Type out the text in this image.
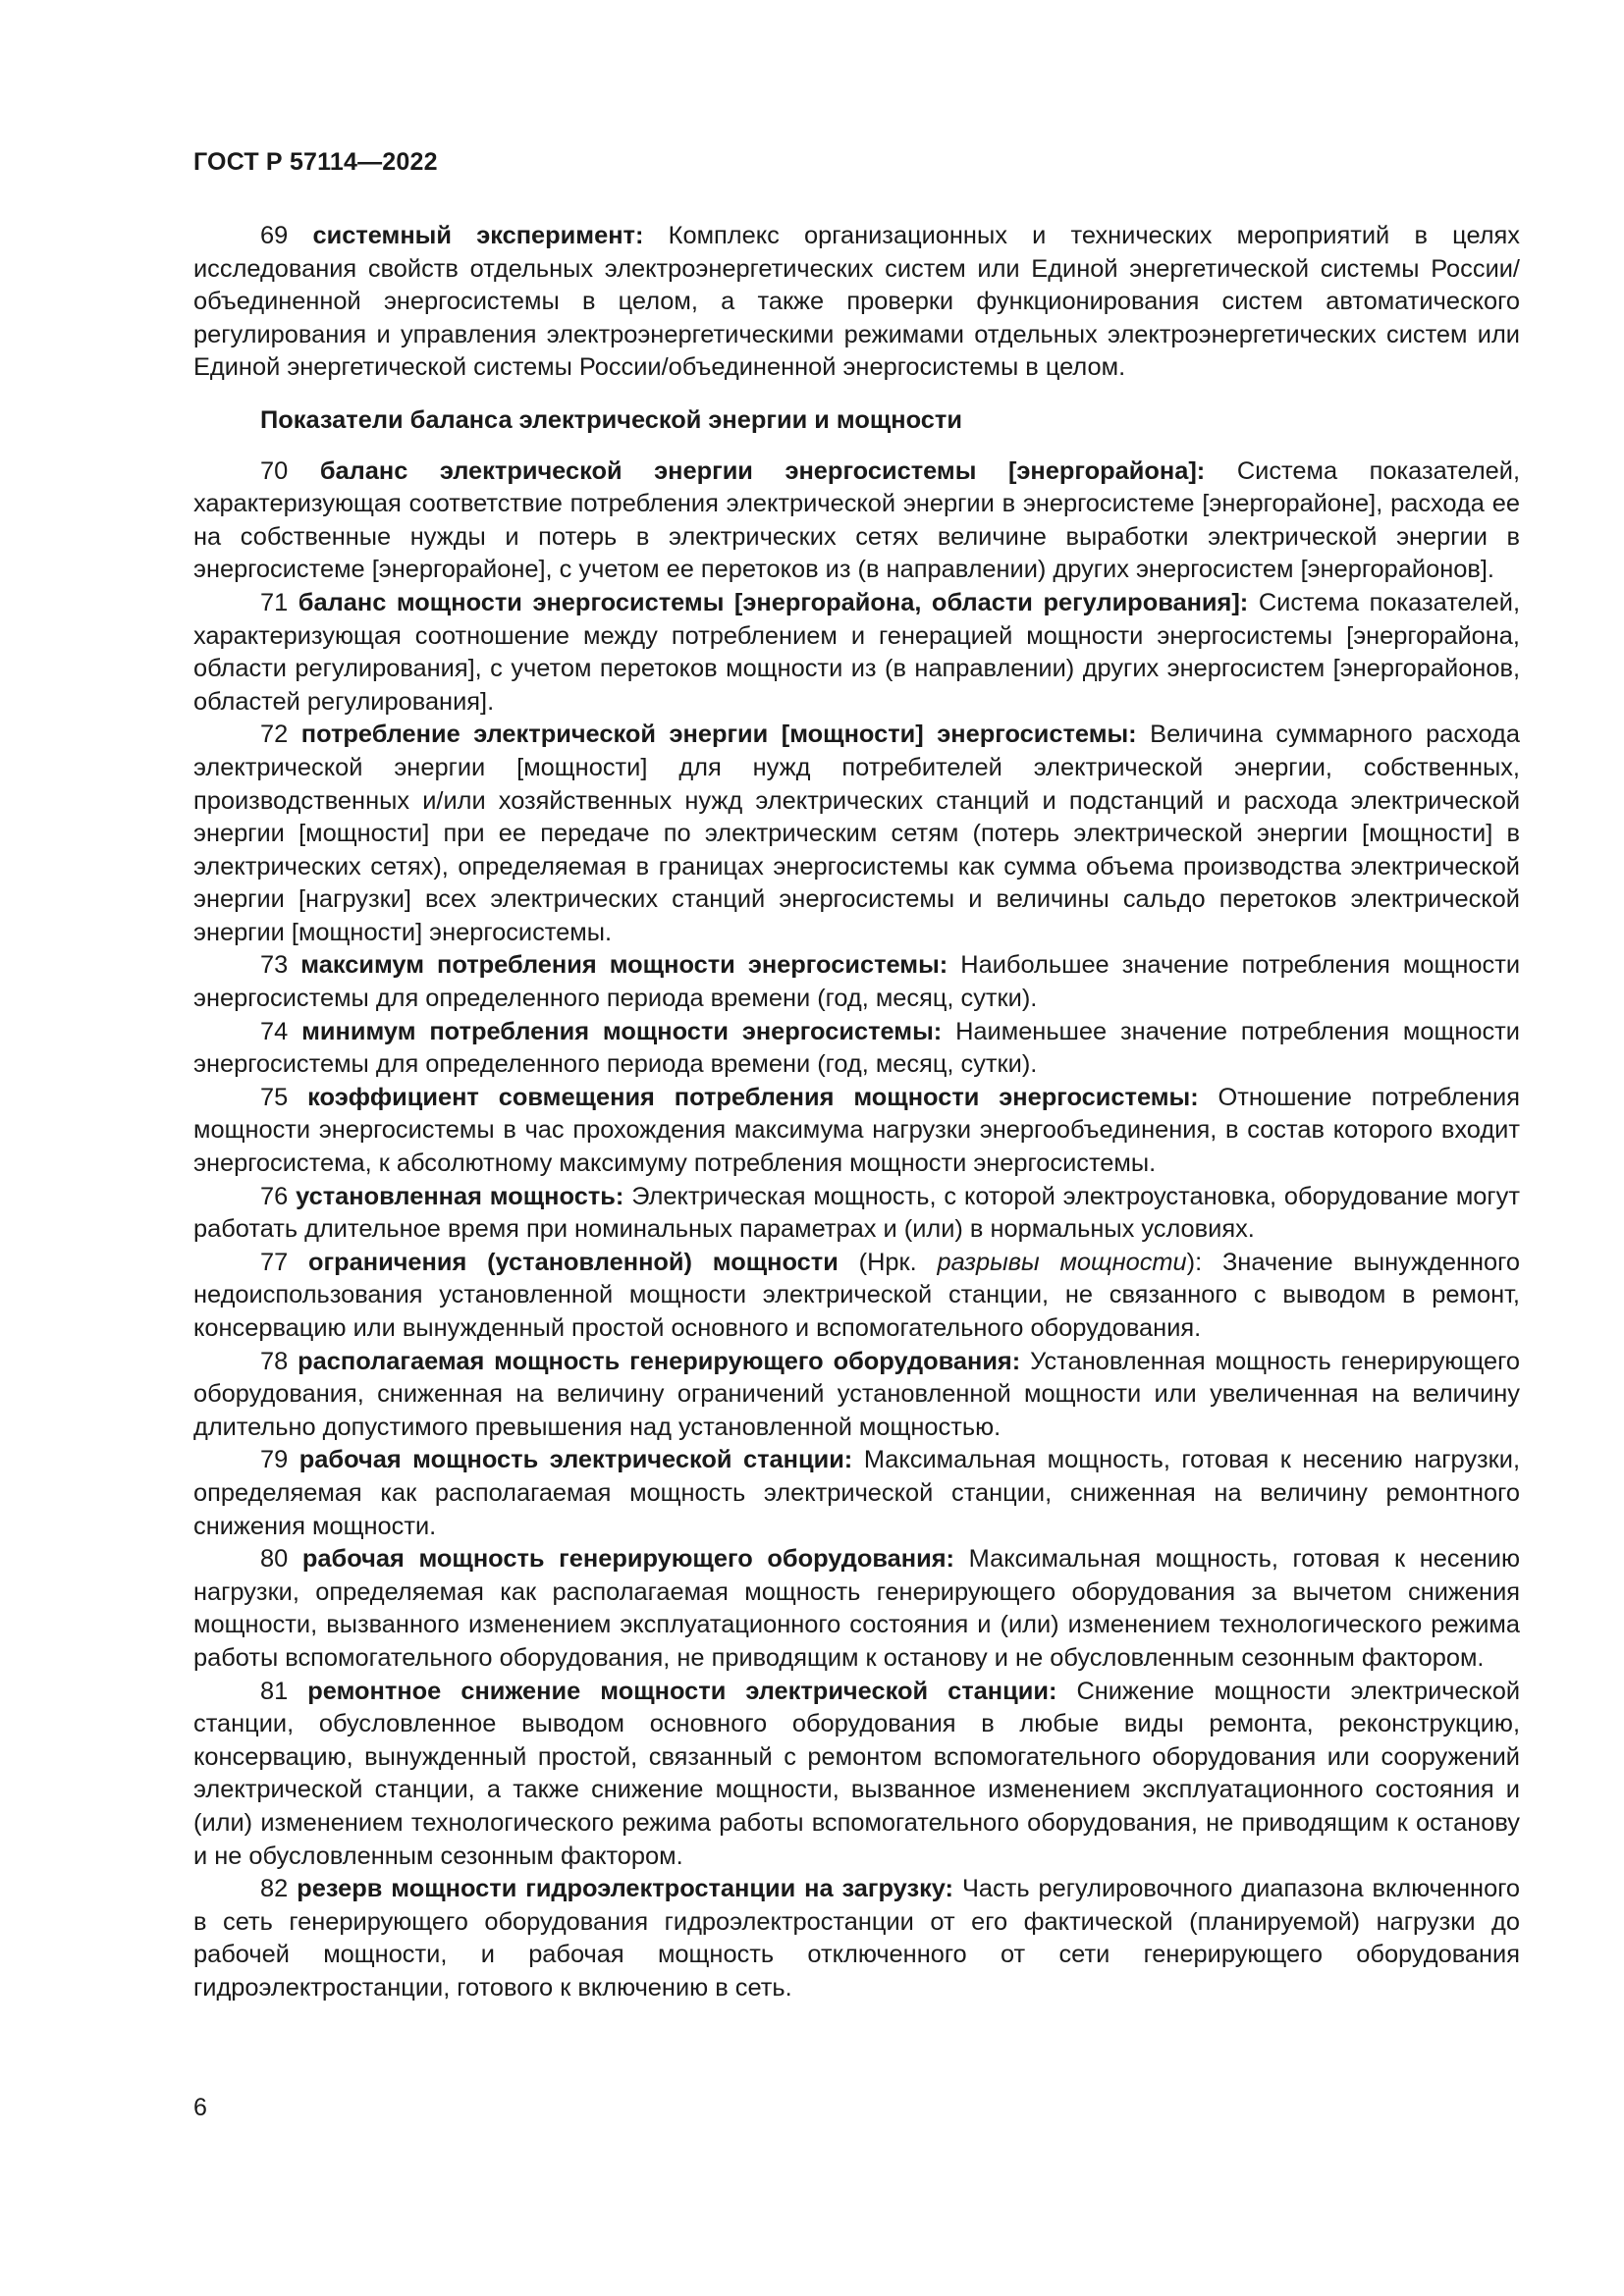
ГОСТ Р 57114—2022

69 системный эксперимент: Комплекс организационных и технических мероприятий в целях исследования свойств отдельных электроэнергетических систем или Единой энергетической системы России/объединенной энергосистемы в целом, а также проверки функционирования систем автоматического регулирования и управления электроэнергетическими режимами отдельных электроэнергетических систем или Единой энергетической системы России/объединенной энергосистемы в целом.

Показатели баланса электрической энергии и мощности

70 баланс электрической энергии энергосистемы [энергорайона]: Система показателей, характеризующая соответствие потребления электрической энергии в энергосистеме [энергорайоне], расхода ее на собственные нужды и потерь в электрических сетях величине выработки электрической энергии в энергосистеме [энергорайоне], с учетом ее перетоков из (в направлении) других энергосистем [энергорайонов].

71 баланс мощности энергосистемы [энергорайона, области регулирования]: Система показателей, характеризующая соотношение между потреблением и генерацией мощности энергосистемы [энергорайона, области регулирования], с учетом перетоков мощности из (в направлении) других энергосистем [энергорайонов, областей регулирования].

72 потребление электрической энергии [мощности] энергосистемы: Величина суммарного расхода электрической энергии [мощности] для нужд потребителей электрической энергии, собственных, производственных и/или хозяйственных нужд электрических станций и подстанций и расхода электрической энергии [мощности] при ее передаче по электрическим сетям (потерь электрической энергии [мощности] в электрических сетях), определяемая в границах энергосистемы как сумма объема производства электрической энергии [нагрузки] всех электрических станций энергосистемы и величины сальдо перетоков электрической энергии [мощности] энергосистемы.

73 максимум потребления мощности энергосистемы: Наибольшее значение потребления мощности энергосистемы для определенного периода времени (год, месяц, сутки).

74 минимум потребления мощности энергосистемы: Наименьшее значение потребления мощности энергосистемы для определенного периода времени (год, месяц, сутки).

75 коэффициент совмещения потребления мощности энергосистемы: Отношение потребления мощности энергосистемы в час прохождения максимума нагрузки энергообъединения, в состав которого входит энергосистема, к абсолютному максимуму потребления мощности энергосистемы.

76 установленная мощность: Электрическая мощность, с которой электроустановка, оборудование могут работать длительное время при номинальных параметрах и (или) в нормальных условиях.

77 ограничения (установленной) мощности (Нрк. разрывы мощности): Значение вынужденного недоиспользования установленной мощности электрической станции, не связанного с выводом в ремонт, консервацию или вынужденный простой основного и вспомогательного оборудования.

78 располагаемая мощность генерирующего оборудования: Установленная мощность генерирующего оборудования, сниженная на величину ограничений установленной мощности или увеличенная на величину длительно допустимого превышения над установленной мощностью.

79 рабочая мощность электрической станции: Максимальная мощность, готовая к несению нагрузки, определяемая как располагаемая мощность электрической станции, сниженная на величину ремонтного снижения мощности.

80 рабочая мощность генерирующего оборудования: Максимальная мощность, готовая к несению нагрузки, определяемая как располагаемая мощность генерирующего оборудования за вычетом снижения мощности, вызванного изменением эксплуатационного состояния и (или) изменением технологического режима работы вспомогательного оборудования, не приводящим к останову и не обусловленным сезонным фактором.

81 ремонтное снижение мощности электрической станции: Снижение мощности электрической станции, обусловленное выводом основного оборудования в любые виды ремонта, реконструкцию, консервацию, вынужденный простой, связанный с ремонтом вспомогательного оборудования или сооружений электрической станции, а также снижение мощности, вызванное изменением эксплуатационного состояния и (или) изменением технологического режима работы вспомогательного оборудования, не приводящим к останову и не обусловленным сезонным фактором.

82 резерв мощности гидроэлектростанции на загрузку: Часть регулировочного диапазона включенного в сеть генерирующего оборудования гидроэлектростанции от его фактической (планируемой) нагрузки до рабочей мощности, и рабочая мощность отключенного от сети генерирующего оборудования гидроэлектростанции, готового к включению в сеть.

6
